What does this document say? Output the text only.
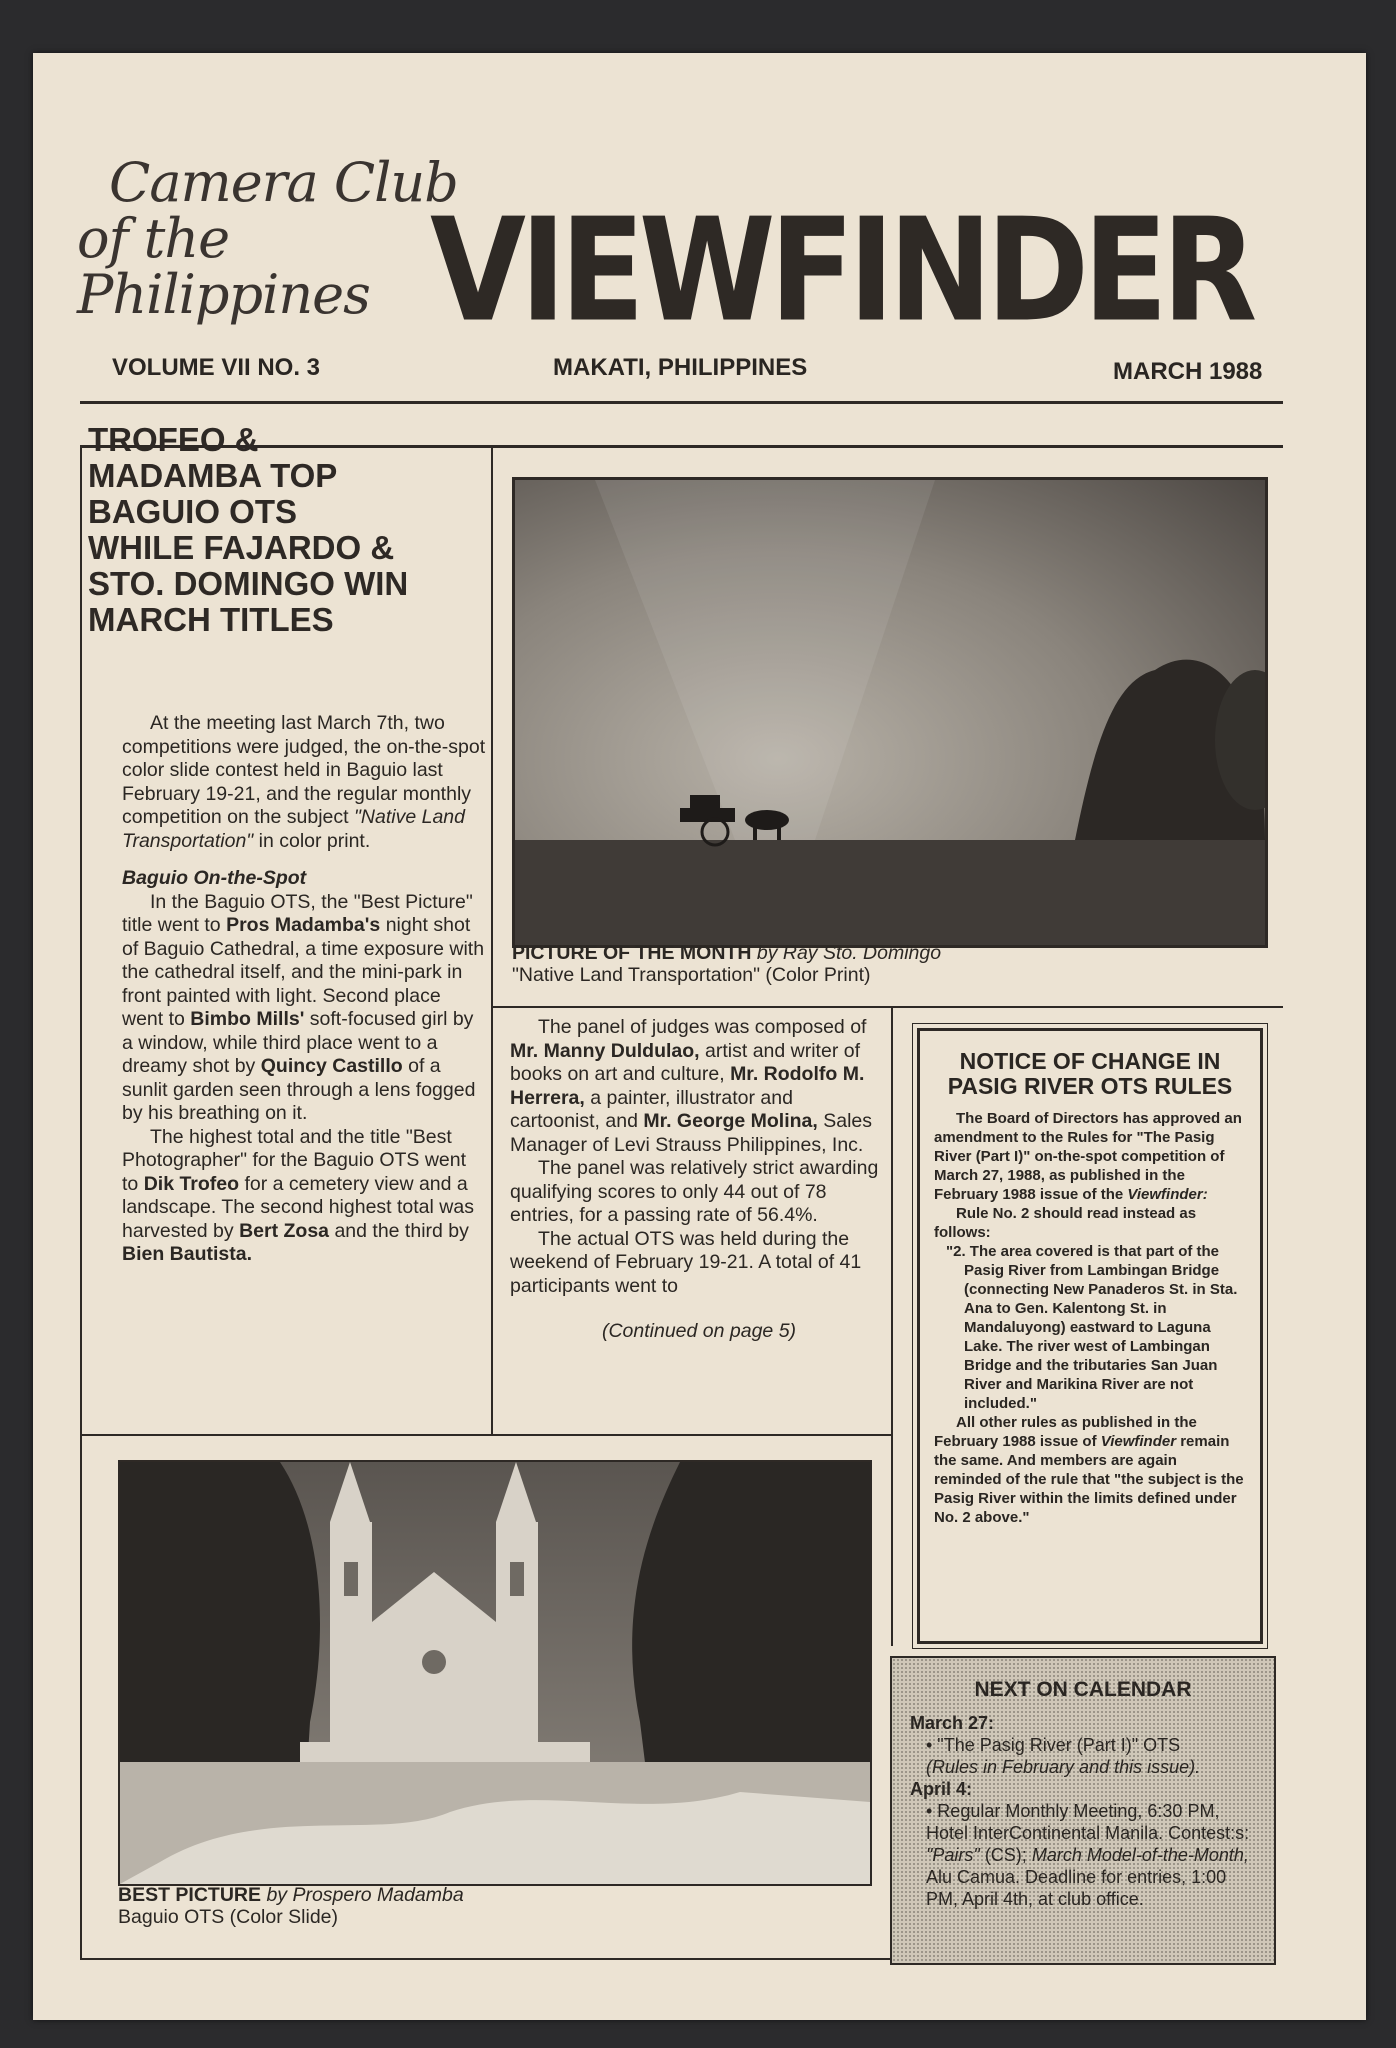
Camera Club
of the Philippines VIEWFINDER
VOLUME VII NO. 3	MAKATI, PHILIPPINES	MARCH 1988
TROFEO &
MADAMBA TOP
BAGUIO OTS
WHILE FAJARDO &
STO. DOMINGO WIN
MARCH TITLES

At the meeting last March 7th, two competitions were judged, the on-the-spot color slide contest held in Baguio last February 19-21, and the regular monthly competition on the subject "Native Land Transportation" in color print.

Baguio On-the-Spot

In the Baguio OTS, the "Best Picture" title went to Pros Madamba's night shot of Baguio Cathedral, a time exposure with the cathedral itself, and the mini-park in front painted with light. Second place went to Bimbo Mills' soft-focused girl by a window, while third place went to a dreamy shot by Quincy Castillo of a sunlit garden seen through a lens fogged by his breathing on it.

The highest total and the title "Best Photographer" for the Baguio OTS went to Dik Trofeo for a cemetery view and a landscape. The second highest total was harvested by Bert Zosa and the third by Bien Bautista.

PICTURE OF THE MONTH by Ray Sto. Domingo
"Native Land Transportation" (Color Print)

The panel of judges was composed of Mr. Manny Duldulao, artist and writer of books on art and culture, Mr. Rodolfo M. Herrera, a painter, illustrator and cartoonist, and Mr. George Molina, Sales Manager of Levi Strauss Philippines, Inc.

The panel was relatively strict awarding qualifying scores to only 44 out of 78 entries, for a passing rate of 56.4%.

The actual OTS was held during the weekend of February 19-21. A total of 41 participants went to

(Continued on page 5)

NOTICE OF CHANGE IN
PASIG RIVER OTS RULES

The Board of Directors has approved an amendment to the Rules for "The Pasig River (Part I)" on-the-spot competition of March 27, 1988, as published in the February 1988 issue of the Viewfinder:

Rule No. 2 should read instead as follows:

"2. The area covered is that part of the Pasig River from Lambingan Bridge (connecting New Panaderos St. in Sta. Ana to Gen. Kalentong St. in Mandaluyong) eastward to Laguna Lake. The river west of Lambingan Bridge and the tributaries San Juan River and Marikina River are not included."

All other rules as published in the February 1988 issue of Viewfinder remain the same. And members are again reminded of the rule that "the subject is the Pasig River within the limits defined under No. 2 above."

BEST PICTURE by Prospero Madamba
Baguio OTS (Color Slide)
NEXT ON CALENDAR
March 27:
• "The Pasig River (Part I)" OTS
(Rules in February and this issue).
April 4:
• Regular Monthly Meeting, 6:30 PM, Hotel InterContinental Manila. Contest:s: "Pairs" (CS); March Model-of-the-Month, Alu Camua. Deadline for entries, 1:00 PM, April 4th, at club office.
